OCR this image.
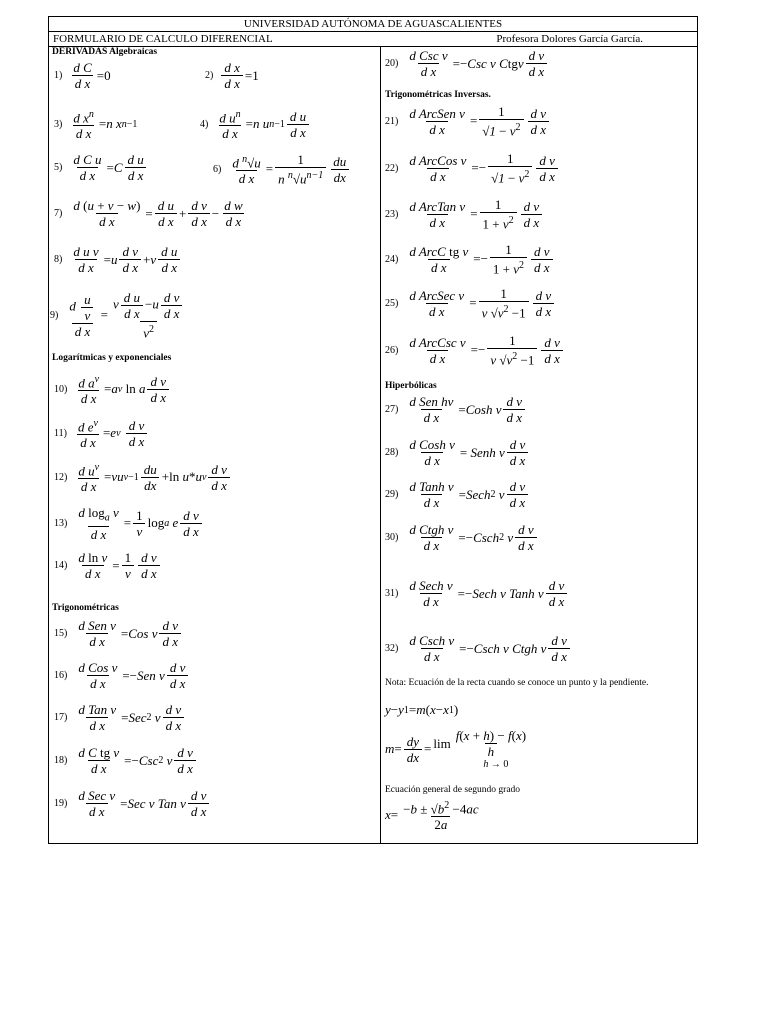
UNIVERSIDAD AUTÓNOMA DE AGUASCALIENTES
FORMULARIO DE CALCULO DIFERENCIAL	Profesora Dolores García García.
DERIVADAS Algebraicas
$1) \frac{\text{d C}}{\text{d x}} =0$	$2) \frac{\text{d x}}{\text{d x}} =1$
$3) \frac{d x^n}{\text{d x}} = n$ x n−1	$4) \frac{d u^n}{\text{d x}} = n$ u n−1
d u
d x
$5) \frac{\text{d C u}}{\text{d x}} = C \frac{\text{d u}}{\text{d x}}$	$6) \frac{d ^n√u}{\text{d x}} = \frac{1}{n ^n√u^{n-1}}$ du
dx
$7) \frac{d (u + v - w)}{\text{d x}} = \frac{\text{d u}}{\text{d x}} + \frac{\text{d v}}{\text{d x}} - \frac{\text{d w}}{\text{d x}}$
$8) \frac{\text{d u v}}{\text{d x}} = u \frac{\text{d v}}{\text{d x}} + v \frac{\text{d u}}{\text{d x}}$
$9) \frac{d \frac{u}{v}}{\text{d x}} = \frac{v \frac{\text{d u}}{\text{d x}} -u \frac{\text{d v}}{\text{d x}}}{v^2}$
Logarítmicas y exponenciales
$10) \frac{d a^v}{\text{d x}} = a$ v
ln a d v
d x
$11) \frac{d e^v}{\text{d x}} = e$ v

d v
d x
$12) \frac{d u^v}{\text{d x}}$ = vu v−1
du
dx
+ln u * u v
d v
d x
$13) \frac{d \log_a v}{\text{d x}} = \frac{1}{v}$ log a e d v
d x
$14) \frac{\text{d ln v}}{\text{d x}} = \frac{1}{v}$ d v
d x
Trigonométricas
15)
d Sen v
d x
= Cos v $\frac{\text{d v}}{\text{d x}}$
16)
d Cos v
d x
=− Sen v $\frac{\text{d v}}{\text{d x}}$
17)
d Tan v
d x
= Sec 2 v d v
d x
$18) \frac{\text{d C tg v}}{\text{d x}}$ =− Csc 2 v d v
d x
19)
d Sec v
d x
= Sec v Tan v $\frac{\text{d v}}{\text{d x}}$
20)
d Csc v
d x
=− Csc v C tg v d v
d x
Trigonométricas Inversas.
21)
d ArcSen v
d x
= $\frac{1}{√1 - v^2}$ d v
d x
22)
d ArcCos v
d x
=− $\frac{1}{√1 - v^2}$ d v
d x
23)
d ArcTan v
d x
= $\frac{1}{1 + v^2}$ d v
d x
24)
d ArcC tg v
d x
=− $\frac{1}{1 + v^2}$ d v
d x
25)
d ArcSec v
d x
= $\frac{1}{v √v^2 -1}$ d v
d x
26)
d ArcCsc v
d x
=− $\frac{1}{v √v^2 -1}$ d v
d x
Hiperbólicas
27)
d Sen hv
d x
= Cosh v $\frac{\text{d v}}{\text{d x}}$
28)
d Cosh v
d x
= Senh v $\frac{\text{d v}}{\text{d x}}$
29)
d Tanh v
d x
= Sech 2 v d v
d x
30)
d Ctgh v
d x
=− Csch 2 v d v
d x
31)
d Sech v
d x
=− Sech v Tanh v $\frac{\text{d v}}{\text{d x}}$
32)
d Csch v
d x
=− Csch v Ctgh v $\frac{\text{d v}}{\text{d x}}$
Nota: Ecuación de la recta cuando se conoce un punto y la pendiente.
y − y 1 = m ( x − x 1 )
$m = \frac{dy}{dx} = \lim f(x + h) - f(x)$
h
h → 0
Ecuación general de segundo grado
$x = \frac{-b \pm √b^2 -4ac}{2a}$
